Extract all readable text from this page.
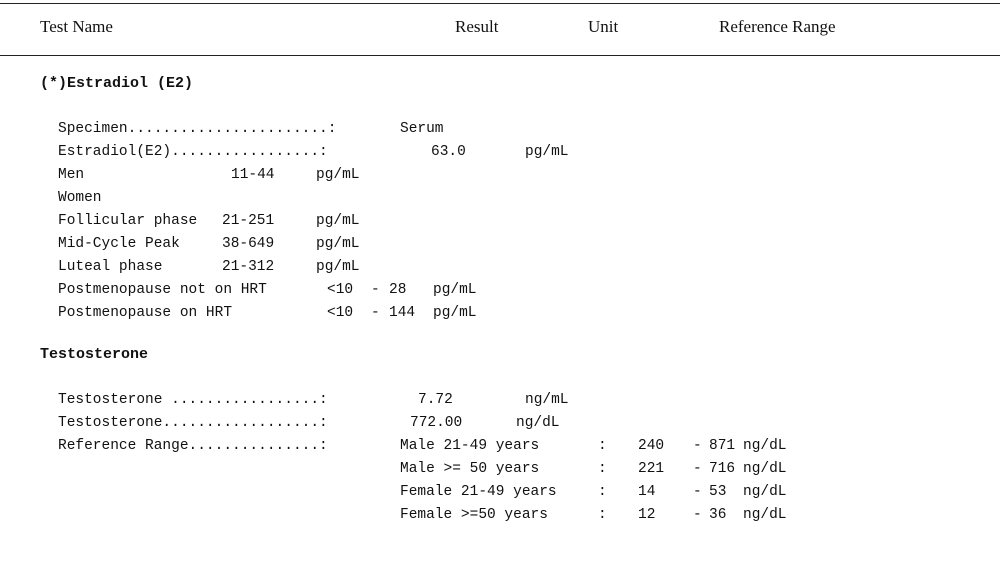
Test Name	Result	Unit	Reference Range
(*)Estradiol (E2)
Specimen.......................:	Serum
Estradiol(E2).................:	63.0	pg/mL
Men	11-44	pg/mL
Women
Follicular phase 21-251	pg/mL
Mid-Cycle Peak	38-649	pg/mL
Luteal phase	21-312	pg/mL
Postmenopause not on HRT	<10 - 28 pg/mL
Postmenopause on HRT	<10 - 144 pg/mL
Testosterone
Testosterone .................:	7.72	ng/mL
Testosterone..................:	772.00	ng/dL
Reference Range...............:	Male 21-49 years	: 240 - 871 ng/dL
Male >= 50 years	: 221 - 716 ng/dL
Female 21-49 years	: 14	- 53 ng/dL
Female >=50 years	: 12	- 36 ng/dL
